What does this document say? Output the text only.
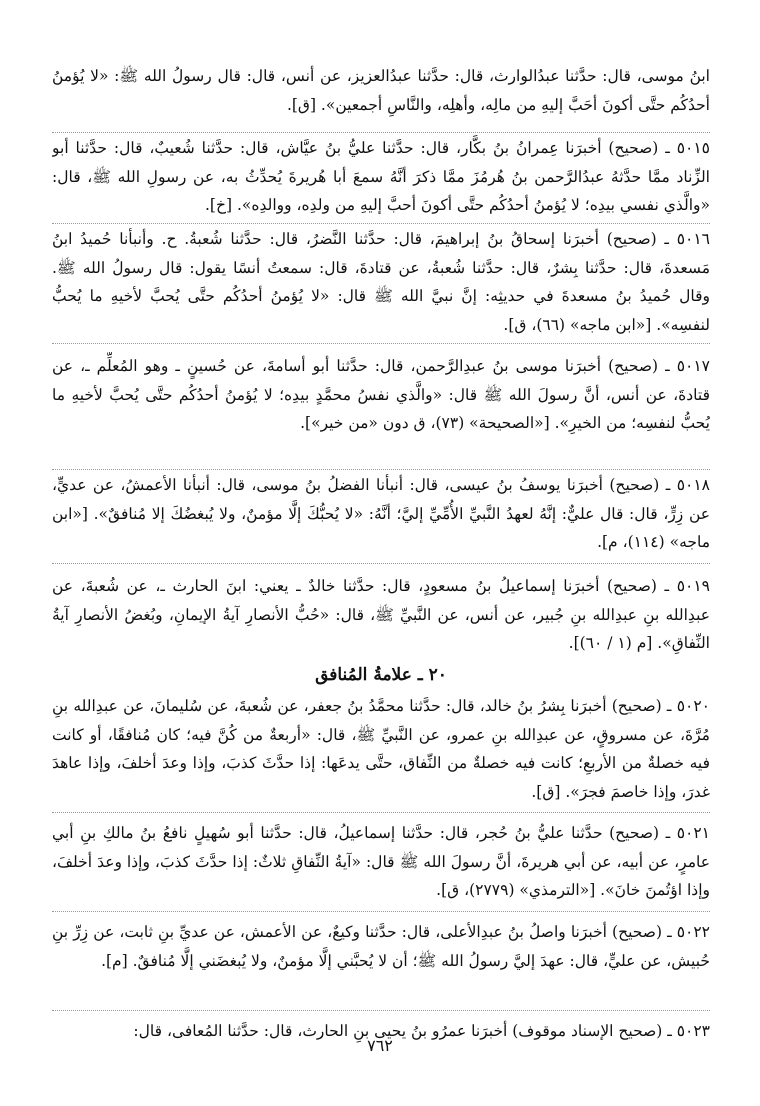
ابنُ موسى، قال: حدَّثنا عبدُالوارث، قال: حدَّثنا عبدُالعزيز، عن أنس، قال: قال رسولُ الله ﷺ: «لا يُؤمنُ أحدُكُم حتَّى أكونَ أحَبَّ إليهِ من مالِه، وأهلِه، والنَّاسِ أجمعين». [ق].

٥٠١٥ ـ (صحيح) أخبرَنا عِمرانُ بنُ بكَّار، قال: حدَّثنا عليُّ بنُ عيَّاش، قال: حدَّثنا شُعيبٌ، قال: حدَّثنا أبو الزِّناد ممَّا حدَّثهُ عبدُالرَّحمن بنُ هُرمُزَ ممَّا ذكرَ أنَّهُ سمعَ أبا هُريرةَ يُحدِّثُ به، عن رسولِ الله ﷺ، قال: «والَّذي نفسي بيدِه؛ لا يُؤمنُ أحدُكُم حتَّى أكونَ أحبَّ إليهِ من ولدِه، ووالدِه». [خ].

٥٠١٦ ـ (صحيح) أخبرَنا إسحاقُ بنُ إبراهيمَ، قال: حدَّثنا النَّضرُ، قال: حدَّثنا شُعبةُ. ح. وأنبأنا حُميدُ ابنُ مَسعدةَ، قال: حدَّثنا بِشرٌ، قال: حدَّثنا شُعبةُ، عن قتادةَ، قال: سمعتُ أنسًا يقول: قال رسولُ الله ﷺ. وقال حُميدُ بنُ مسعدةَ في حديثِه: إنَّ نبيَّ الله ﷺ قال: «لا يُؤمنُ أحدُكُم حتَّى يُحبَّ لأخيهِ ما يُحبُّ لنفسِه». [«ابن ماجه» (٦٦)، ق].

٥٠١٧ ـ (صحيح) أخبرَنا موسى بنُ عبدِالرَّحمن، قال: حدَّثنا أبو أسامةَ، عن حُسينٍ ـ وهو المُعلِّم ـ، عن قتادةَ، عن أنس، أنَّ رسولَ الله ﷺ قال: «والَّذي نفسُ محمَّدٍ بيدِه؛ لا يُؤمنُ أحدُكُم حتَّى يُحبَّ لأخيهِ ما يُحبُّ لنفسِه؛ من الخيرِ». [«الصحيحة» (٧٣)، ق دون «من خير»].

٥٠١٨ ـ (صحيح) أخبرَنا يوسفُ بنُ عيسى، قال: أنبأنا الفضلُ بنُ موسى، قال: أنبأنا الأعمشُ، عن عديٍّ، عن زِرٍّ، قال: قال عليٌّ: إنَّهُ لعهدُ النَّبيِّ الأُمِّيِّ إليَّ؛ أنَّهُ: «لا يُحبُّكَ إلَّا مؤمنٌ، ولا يُبغضُكَ إلا مُنافقٌ». [«ابن ماجه» (١١٤)، م].

٥٠١٩ ـ (صحيح) أخبرَنا إسماعيلُ بنُ مسعودٍ، قال: حدَّثنا خالدٌ ـ يعني: ابنَ الحارث ـ، عن شُعبةَ، عن عبدِالله بنِ عبدِالله بنِ جُبير، عن أنس، عن النَّبيِّ ﷺ، قال: «حُبُّ الأنصارِ آيةُ الإيمانِ، وبُغضُ الأنصارِ آيةُ النِّفاقِ». [م (١ / ٦٠)].

٢٠ ـ علامةُ المُنافق

٥٠٢٠ ـ (صحيح) أخبرَنا بِشرُ بنُ خالد، قال: حدَّثنا محمَّدُ بنُ جعفر، عن شُعبةَ، عن سُليمانَ، عن عبدِالله بنِ مُرَّةَ، عن مسروقٍ، عن عبدِالله بنِ عمرو، عن النَّبيِّ ﷺ، قال: «أربعةٌ من كُنَّ فيه؛ كان مُنافقًا، أو كانت فيه خصلةٌ من الأربعِ؛ كانت فيه خصلةٌ من النِّفاق، حتَّى يدعَها: إذا حدَّثَ كذبَ، وإذا وعدَ أخلفَ، وإذا عاهدَ غدرَ، وإذا خاصمَ فجرَ». [ق].

٥٠٢١ ـ (صحيح) حدَّثنا عليُّ بنُ حُجر، قال: حدَّثنا إسماعيلُ، قال: حدَّثنا أبو سُهيلٍ نافعُ بنُ مالكِ بنِ أبي عامرٍ، عن أبيه، عن أبي هريرةَ، أنَّ رسولَ الله ﷺ قال: «آيةُ النِّفاقِ ثلاثٌ: إذا حدَّثَ كذبَ، وإذا وعدَ أخلفَ، وإذا اؤتُمنَ خانَ». [«الترمذي» (٢٧٧٩)، ق].

٥٠٢٢ ـ (صحيح) أخبرَنا واصلُ بنُ عبدِالأعلى، قال: حدَّثنا وكيعٌ، عن الأعمش، عن عديِّ بنِ ثابت، عن زِرِّ بنِ حُبيش، عن عليٍّ، قال: عهدَ إليَّ رسولُ الله ﷺ؛ أن لا يُحبَّني إلَّا مؤمنٌ، ولا يُبغضَني إلَّا مُنافقٌ. [م].

٥٠٢٣ ـ (صحيح الإسناد موقوف) أخبرَنا عمرُو بنُ يحيى بنِ الحارث، قال: حدَّثنا المُعافى، قال:

٧٦٢
